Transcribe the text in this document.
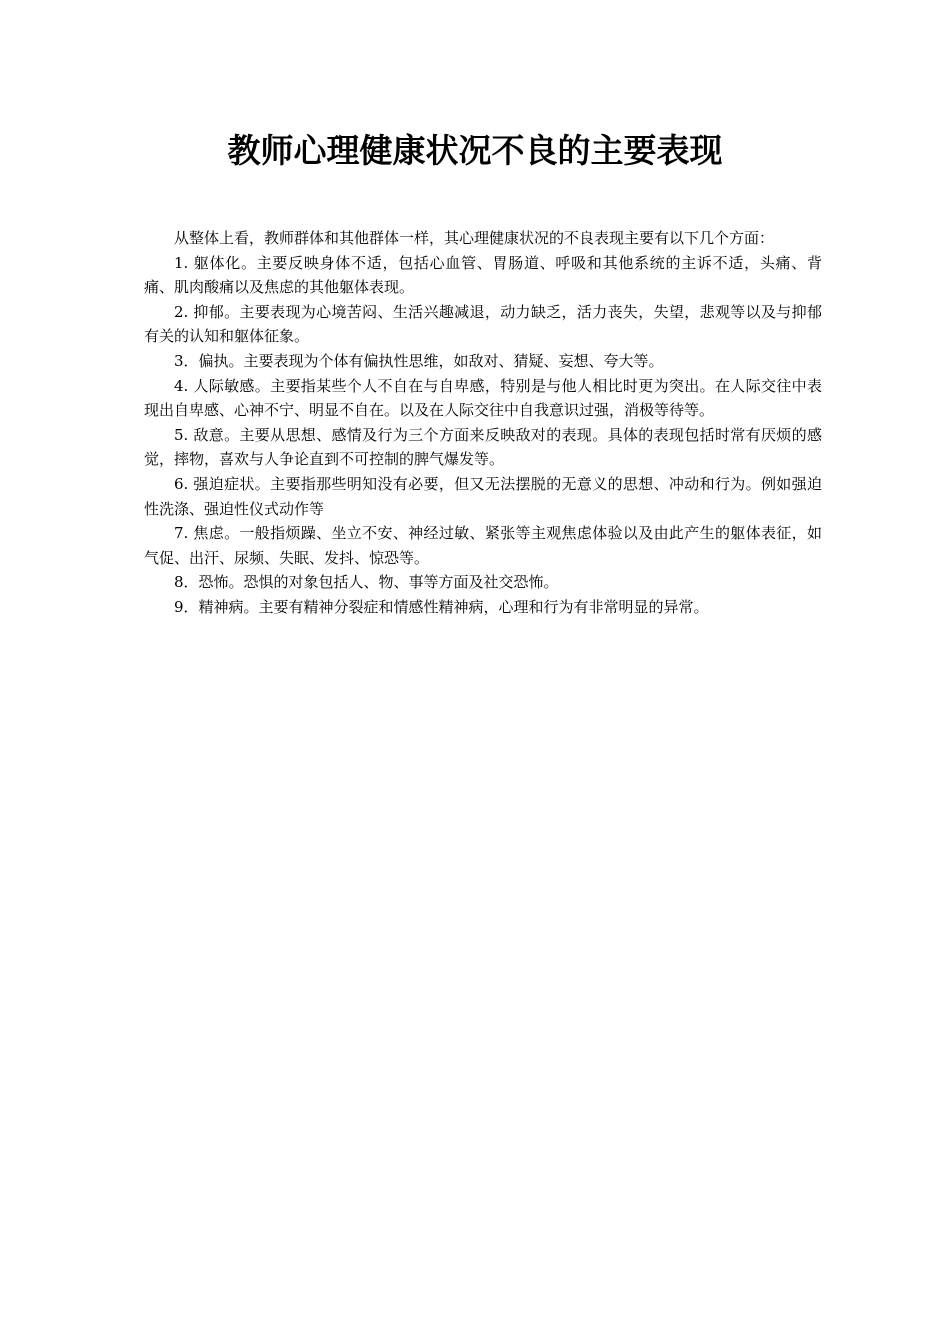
教师心理健康状况不良的主要表现

从整体上看，教师群体和其他群体一样，其心理健康状况的不良表现主要有以下几个方面：

1. 躯体化。主要反映身体不适，包括心血管、胃肠道、呼吸和其他系统的主诉不适，头痛、背痛、肌肉酸痛以及焦虑的其他躯体表现。

2. 抑郁。主要表现为心境苦闷、生活兴趣减退，动力缺乏，活力丧失，失望，悲观等以及与抑郁有关的认知和躯体征象。

3．偏执。主要表现为个体有偏执性思维，如敌对、猜疑、妄想、夸大等。

4. 人际敏感。主要指某些个人不自在与自卑感，特别是与他人相比时更为突出。在人际交往中表现出自卑感、心神不宁、明显不自在。以及在人际交往中自我意识过强，消极等待等。

5. 敌意。主要从思想、感情及行为三个方面来反映敌对的表现。具体的表现包括时常有厌烦的感觉，摔物，喜欢与人争论直到不可控制的脾气爆发等。

6. 强迫症状。主要指那些明知没有必要，但又无法摆脱的无意义的思想、冲动和行为。例如强迫性洗涤、强迫性仪式动作等

7. 焦虑。一般指烦躁、坐立不安、神经过敏、紧张等主观焦虑体验以及由此产生的躯体表征，如气促、出汗、尿频、失眠、发抖、惊恐等。

8．恐怖。恐惧的对象包括人、物、事等方面及社交恐怖。

9．精神病。主要有精神分裂症和情感性精神病，心理和行为有非常明显的异常。
